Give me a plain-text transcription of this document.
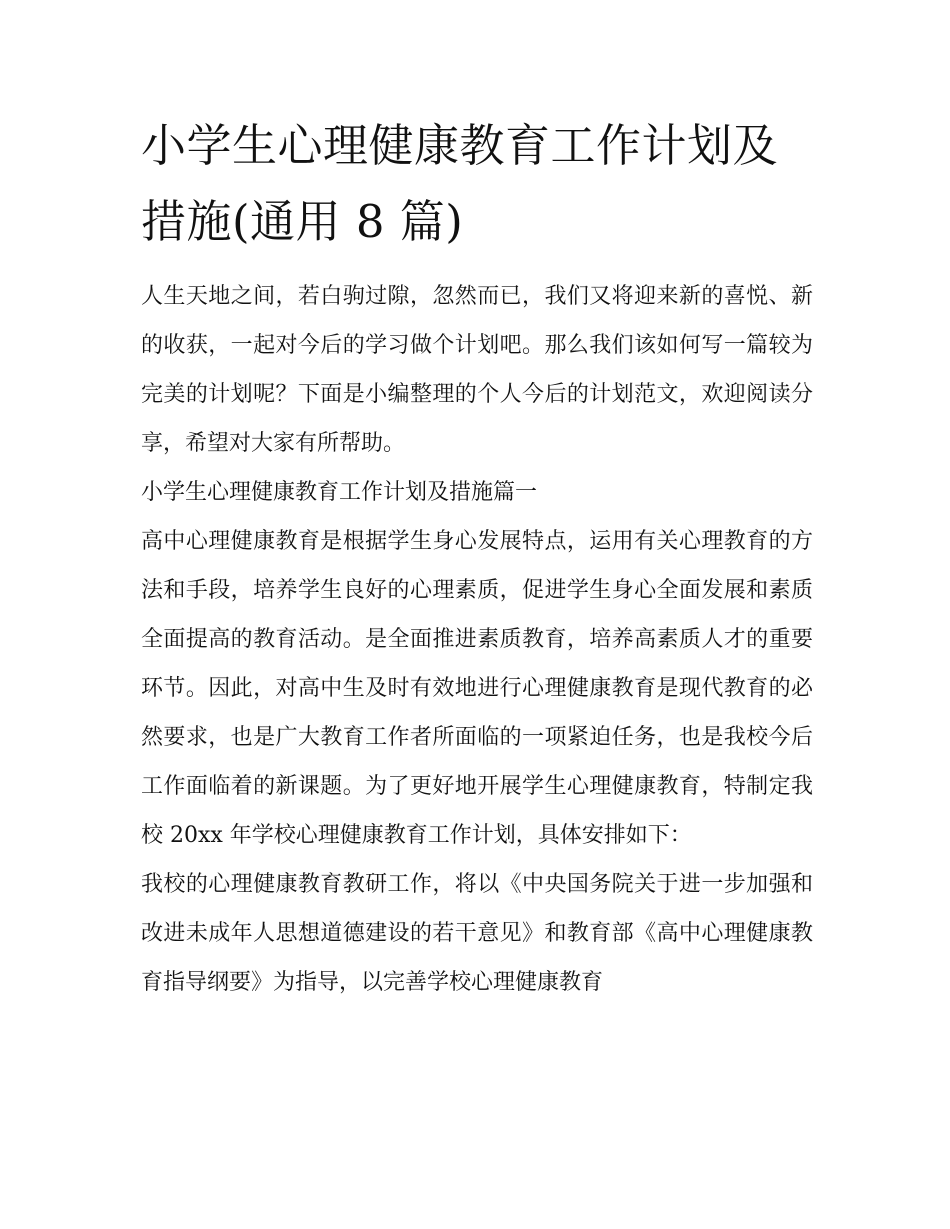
小学生心理健康教育工作计划及措施(通用 8 篇)

人生天地之间，若白驹过隙，忽然而已，我们又将迎来新的喜悦、新的收获，一起对今后的学习做个计划吧。那么我们该如何写一篇较为完美的计划呢？下面是小编整理的个人今后的计划范文，欢迎阅读分享，希望对大家有所帮助。

小学生心理健康教育工作计划及措施篇一

高中心理健康教育是根据学生身心发展特点，运用有关心理教育的方法和手段，培养学生良好的心理素质，促进学生身心全面发展和素质全面提高的教育活动。是全面推进素质教育，培养高素质人才的重要环节。因此，对高中生及时有效地进行心理健康教育是现代教育的必然要求，也是广大教育工作者所面临的一项紧迫任务，也是我校今后工作面临着的新课题。为了更好地开展学生心理健康教育，特制定我校 20xx 年学校心理健康教育工作计划，具体安排如下：

我校的心理健康教育教研工作，将以《中央国务院关于进一步加强和改进未成年人思想道德建设的若干意见》和教育部《高中心理健康教育指导纲要》为指导，以完善学校心理健康教育
